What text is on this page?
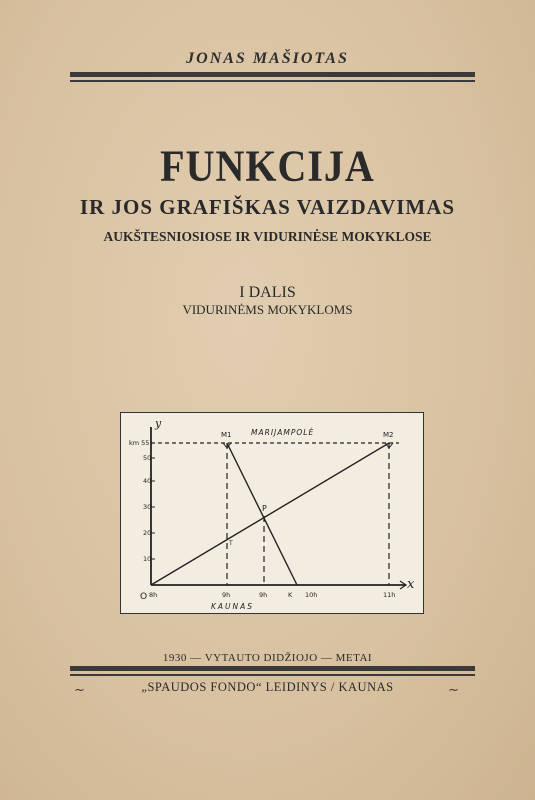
JONAS MAŠIOTAS
FUNKCIJA
IR JOS GRAFIŠKAS VAIZDAVIMAS
AUKŠTESNIOSIOSE IR VIDURINĖSE MOKYKLOSE
I DALIS
VIDURINĖMS MOKYKLOMS
10
20
30
40
50
km 55
y
x
O 8h	9h	9h	10h	11h
MARIJAMPOLĖ
KAUNAS
M1	M2
P
T
K
1930 — VYTAUTO DIDŽIOJO — METAI
∼	„SPAUDOS FONDO“ LEIDINYS / KAUNAS	∼
